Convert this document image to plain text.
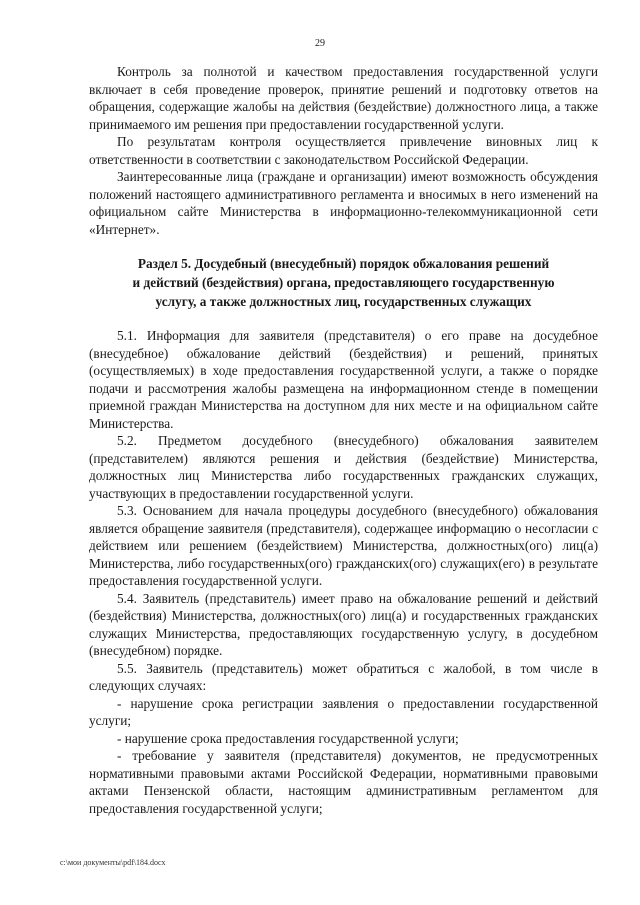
29

Контроль за полнотой и качеством предоставления государственной услуги включает в себя проведение проверок, принятие решений и подготовку ответов на обращения, содержащие жалобы на действия (бездействие) должностного лица, а также принимаемого им решения при предоставлении государственной услуги.

По результатам контроля осуществляется привлечение виновных лиц к ответственности в соответствии с законодательством Российской Федерации.

Заинтересованные лица (граждане и организации) имеют возможность обсуждения положений настоящего административного регламента и вносимых в него изменений на официальном сайте Министерства в информационно-телекоммуникационной сети «Интернет».

Раздел 5. Досудебный (внесудебный) порядок обжалования решений
и действий (бездействия) органа, предоставляющего государственную
услугу, а также должностных лиц, государственных служащих

5.1. Информация для заявителя (представителя) о его праве на досудебное (внесудебное) обжалование действий (бездействия) и решений, принятых (осуществляемых) в ходе предоставления государственной услуги, а также о порядке подачи и рассмотрения жалобы размещена на информационном стенде в помещении приемной граждан Министерства на доступном для них месте и на официальном сайте Министерства.

5.2. Предметом досудебного (внесудебного) обжалования заявителем (представителем) являются решения и действия (бездействие) Министерства, должностных лиц Министерства либо государственных гражданских служащих, участвующих в предоставлении государственной услуги.

5.3. Основанием для начала процедуры досудебного (внесудебного) обжалования является обращение заявителя (представителя), содержащее информацию о несогласии с действием или решением (бездействием) Министерства, должностных(ого) лиц(а) Министерства, либо государственных(ого) гражданских(ого) служащих(его) в результате предоставления государственной услуги.

5.4. Заявитель (представитель) имеет право на обжалование решений и действий (бездействия) Министерства, должностных(ого) лиц(а) и государственных гражданских служащих Министерства, предоставляющих государственную услугу, в досудебном (внесудебном) порядке.

5.5. Заявитель (представитель) может обратиться с жалобой, в том числе в следующих случаях:

- нарушение срока регистрации заявления о предоставлении государственной услуги;

- нарушение срока предоставления государственной услуги;

- требование у заявителя (представителя) документов, не предусмотренных нормативными правовыми актами Российской Федерации, нормативными правовыми актами Пензенской области, настоящим административным регламентом для предоставления государственной услуги;

c:\мои документы\pdf\184.docx
